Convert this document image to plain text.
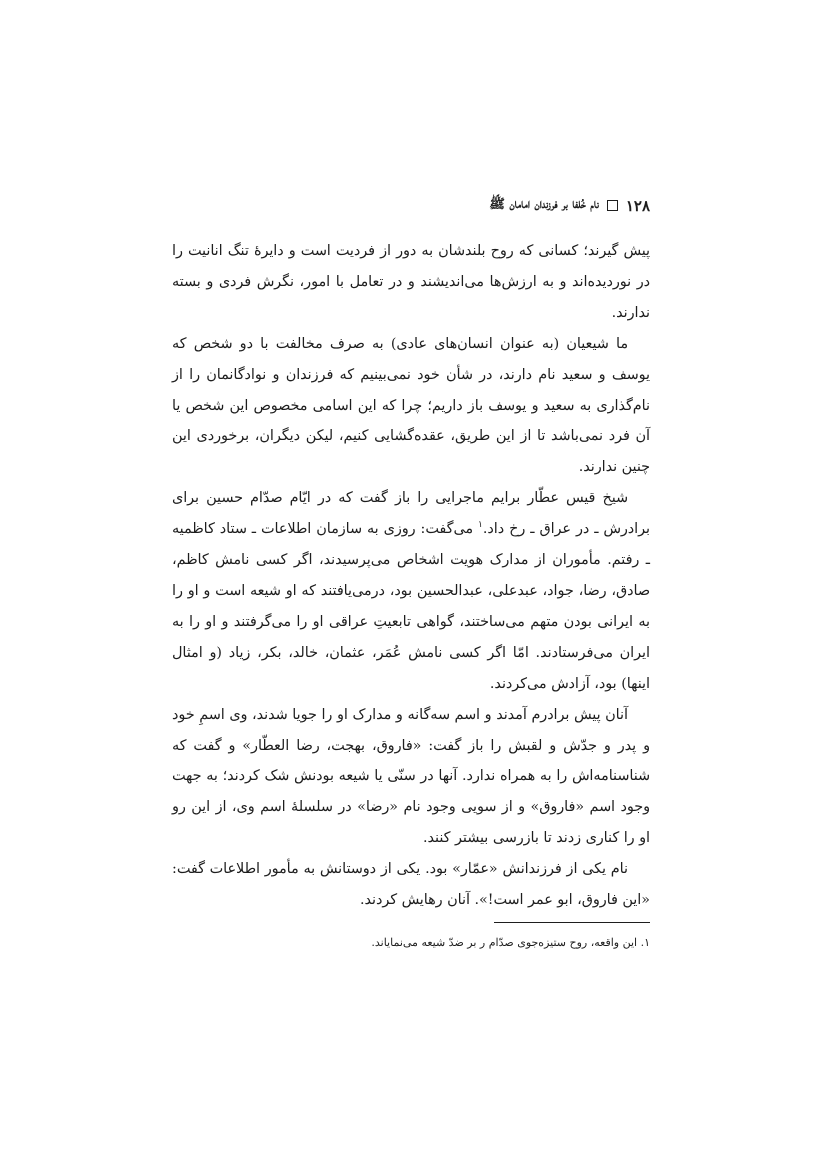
۱۲۸
نام خُلفا بر فرزندان امامان ﷺ

پیش گیرند؛ کسانی که روح بلندشان به دور از فردیت است و دایرهٔ تنگ انانیت را در نوردیده‌اند و به ارزش‌ها می‌اندیشند و در تعامل با امور، نگرش فردی و بسته ندارند.

ما شیعیان (به عنوان انسان‌های عادی) به صرف مخالفت با دو شخص که یوسف و سعید نام دارند، در شأن خود نمی‌بینیم که فرزندان و نوادگانمان را از نام‌گذاری به سعید و یوسف باز داریم؛ چرا که این اسامی مخصوص این شخص یا آن فرد نمی‌باشد تا از این طریق، عقده‌گشایی کنیم، لیکن دیگران، برخوردی این چنین ندارند.

شیخ قیس عطّار برایم ماجرایی را باز گفت که در ایّام صدّام حسین برای برادرش ـ در عراق ـ رخ داد.$^۱$ می‌گفت: روزی به سازمان اطلاعات ـ ستاد کاظمیه ـ رفتم. مأموران از مدارک هویت اشخاص می‌پرسیدند، اگر کسی نامش کاظم، صادق، رضا، جواد، عبدعلی، عبدالحسین بود، درمی‌یافتند که او شیعه است و او را به ایرانی بودن متهم می‌ساختند، گواهی تابعیتِ عراقی او را می‌گرفتند و او را به ایران می‌فرستادند. امّا اگر کسی نامش عُمَر، عثمان، خالد، بکر، زیاد (و امثال اینها) بود، آزادش می‌کردند.

آنان پیش برادرم آمدند و اسم سه‌گانه و مدارک او را جویا شدند، وی اسمِ خود و پدر و جدّش و لقبش را باز گفت: «فاروق، بهجت، رضا العطّار» و گفت که شناسنامه‌اش را به همراه ندارد. آنها در سنّی یا شیعه بودنش شک کردند؛ به جهت وجود اسم «فاروق» و از سویی وجود نام «رضا» در سلسلهٔ اسم وی، از این رو او را کناری زدند تا بازرسی بیشتر کنند.

نام یکی از فرزندانش «عمّار» بود. یکی از دوستانش به مأمور اطلاعات گفت: «این فاروق، ابو عمر است!». آنان رهایش کردند.

۱. این واقعه، روح ستیزه‌جوی صدّام ر بر ضدّ شیعه می‌نمایاند.
